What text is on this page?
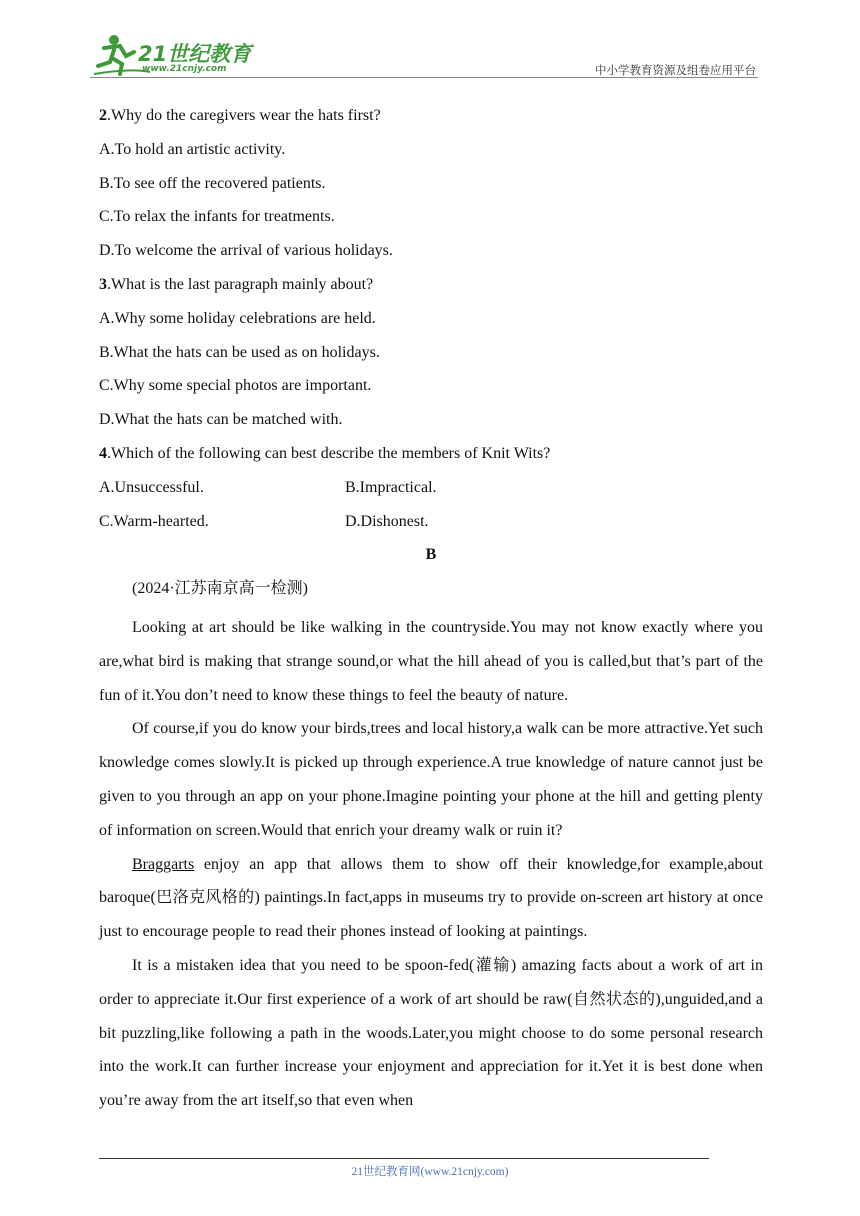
21世纪教育
www.21cnjy.com	中小学教育资源及组卷应用平台
2.Why do the caregivers wear the hats first?
A.To hold an artistic activity.
B.To see off the recovered patients.
C.To relax the infants for treatments.
D.To welcome the arrival of various holidays.
3.What is the last paragraph mainly about?
A.Why some holiday celebrations are held.
B.What the hats can be used as on holidays.
C.Why some special photos are important.
D.What the hats can be matched with.
4.Which of the following can best describe the members of Knit Wits?
A.Unsuccessful.	B.Impractical.
C.Warm-hearted.	D.Dishonest.
B
(2024·江苏南京高一检测)

Looking at art should be like walking in the countryside.You may not know exactly where you are,what bird is making that strange sound,or what the hill ahead of you is called,but that’s part of the fun of it.You don’t need to know these things to feel the beauty of nature.

Of course,if you do know your birds,trees and local history,a walk can be more attractive.Yet such knowledge comes slowly.It is picked up through experience.A true knowledge of nature cannot just be given to you through an app on your phone.Imagine pointing your phone at the hill and getting plenty of information on screen.Would that enrich your dreamy walk or ruin it?

Braggarts enjoy an app that allows them to show off their knowledge,for example,about baroque(巴洛克风格的) paintings.In fact,apps in museums try to provide on-screen art history at once just to encourage people to read their phones instead of looking at paintings.

It is a mistaken idea that you need to be spoon-fed(灌输) amazing facts about a work of art in order to appreciate it.Our first experience of a work of art should be raw(自然状态的),unguided,and a bit puzzling,like following a path in the woods.Later,you might choose to do some personal research into the work.It can further increase your enjoyment and appreciation for it.Yet it is best done when you’re away from the art itself,so that even when

21世纪教育网(www.21cnjy.com)
